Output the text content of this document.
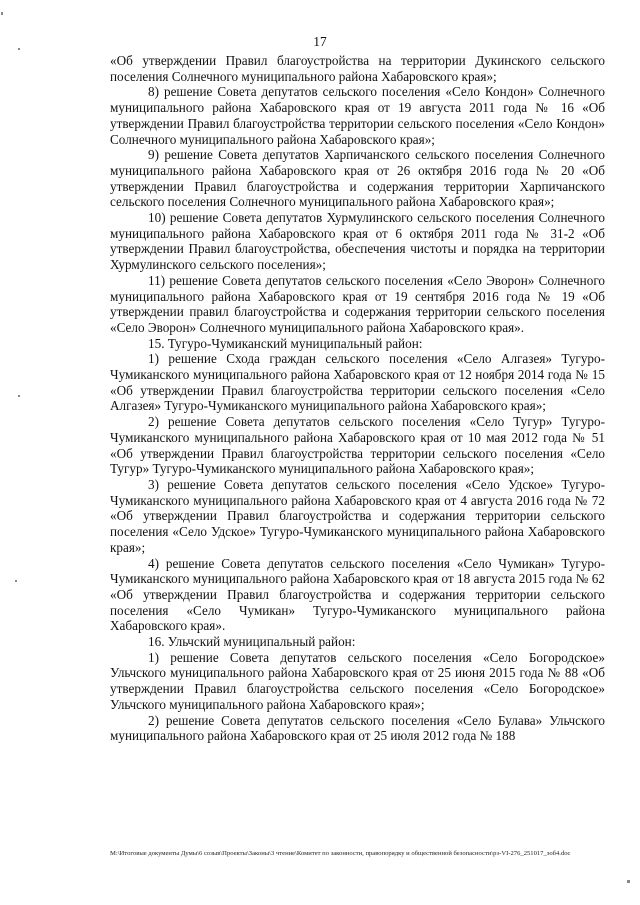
17

«Об утверждении Правил благоустройства на территории Дукинского сельского поселения Солнечного муниципального района Хабаровского края»;

8) решение Совета депутатов сельского поселения «Село Кондон» Солнечного муниципального района Хабаровского края от 19 августа 2011 года № 16 «Об утверждении Правил благоустройства территории сельского поселения «Село Кондон» Солнечного муниципального района Хабаровского края»;

9) решение Совета депутатов Харпичанского сельского поселения Солнечного муниципального района Хабаровского края от 26 октября 2016 года № 20 «Об утверждении Правил благоустройства и содержания территории Харпичанского сельского поселения Солнечного муниципального района Хабаровского края»;

10) решение Совета депутатов Хурмулинского сельского поселения Солнечного муниципального района Хабаровского края от 6 октября 2011 года № 31-2 «Об утверждении Правил благоустройства, обеспечения чистоты и порядка на территории Хурмулинского сельского поселения»;

11) решение Совета депутатов сельского поселения «Село Эворон» Солнечного муниципального района Хабаровского края от 19 сентября 2016 года № 19 «Об утверждении правил благоустройства и содержания территории сельского поселения «Село Эворон» Солнечного муниципального района Хабаровского края».

15. Тугуро-Чумиканский муниципальный район:

1) решение Схода граждан сельского поселения «Село Алгазея» Тугуро-Чумиканского муниципального района Хабаровского края от 12 ноября 2014 года № 15 «Об утверждении Правил благоустройства территории сельского поселения «Село Алгазея» Тугуро-Чумиканского муниципального района Хабаровского края»;

2) решение Совета депутатов сельского поселения «Село Тугур» Тугуро-Чумиканского муниципального района Хабаровского края от 10 мая 2012 года № 51 «Об утверждении Правил благоустройства территории сельского поселения «Село Тугур» Тугуро-Чумиканского муниципального района Хабаровского края»;

3) решение Совета депутатов сельского поселения «Село Удское» Тугуро-Чумиканского муниципального района Хабаровского края от 4 августа 2016 года № 72 «Об утверждении Правил благоустройства и содержания территории сельского поселения «Село Удское» Тугуро-Чумиканского муниципального района Хабаровского края»;

4) решение Совета депутатов сельского поселения «Село Чумикан» Тугуро-Чумиканского муниципального района Хабаровского края от 18 августа 2015 года № 62 «Об утверждении Правил благоустройства и содержания территории сельского поселения «Село Чумикан» Тугуро-Чумиканского муниципального района Хабаровского края».

16. Ульчский муниципальный район:

1) решение Совета депутатов сельского поселения «Село Богородское» Ульчского муниципального района Хабаровского края от 25 июня 2015 года № 88 «Об утверждении Правил благоустройства сельского поселения «Село Богородское» Ульчского муниципального района Хабаровского края»;

2) решение Совета депутатов сельского поселения «Село Булава» Ульчского муниципального района Хабаровского края от 25 июля 2012 года № 188

M:\Итоговые документы Думы\6 созыв\Проекты\Законы\3 чтение\Комитет по законности, правопорядку и общественной безопасности\рз-VI-276_251017_зоб4.doc
